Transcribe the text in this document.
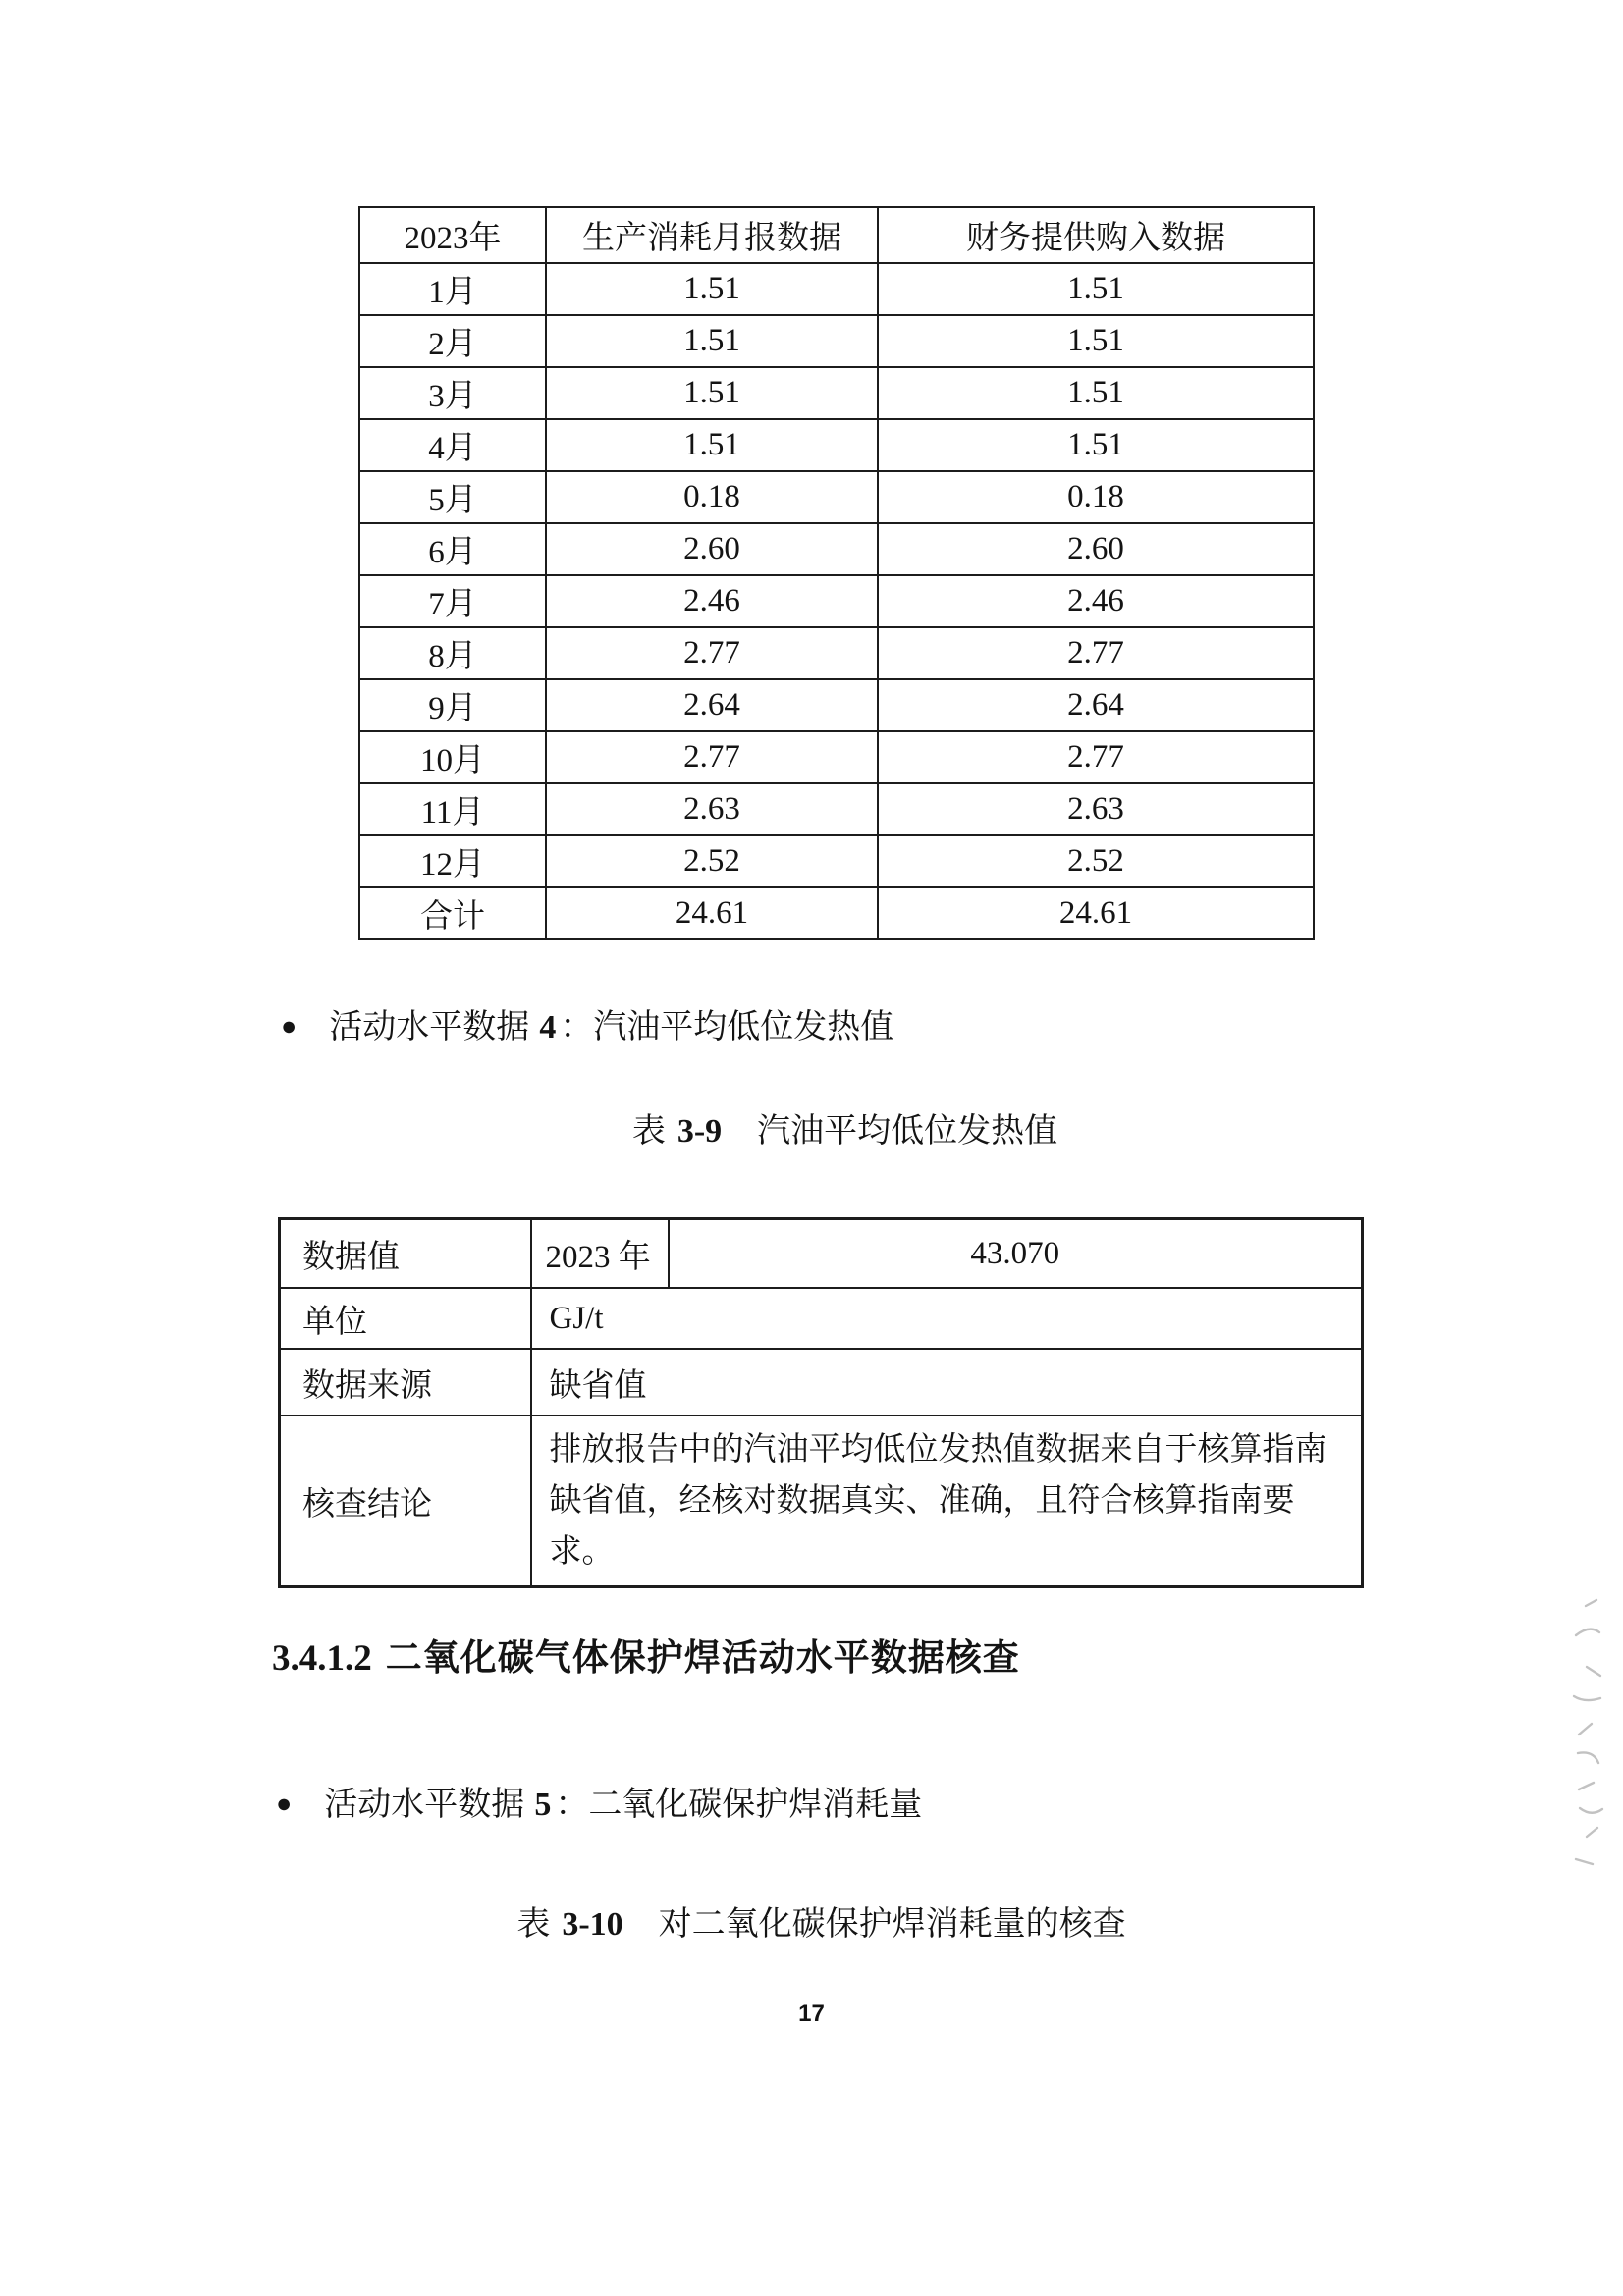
2023年	生产消耗月报数据	财务提供购入数据
1月	1.51	1.51
2月	1.51	1.51
3月	1.51	1.51
4月	1.51	1.51
5月	0.18	0.18
6月	2.60	2.60
7月	2.46	2.46
8月	2.77	2.77
9月	2.64	2.64
10月	2.77	2.77
11月	2.63	2.63
12月	2.52	2.52
合计	24.61	24.61
● 活动水平数据 4 ：汽油平均低位发热值
表 3-9 汽油平均低位发热值
数据值	2023 年	43.070
单位	GJ/t	
数据来源	缺省值	
核查结论	排放报告中的汽油平均低位发热值数据来自于核算指南缺省值，经核对数据真实、准确，且符合核算指南要求。	
3.4.1.2 二氧化碳气体保护焊活动水平数据核查
● 活动水平数据 5 ：二氧化碳保护焊消耗量
表 3-10 对二氧化碳保护焊消耗量的核查
17
